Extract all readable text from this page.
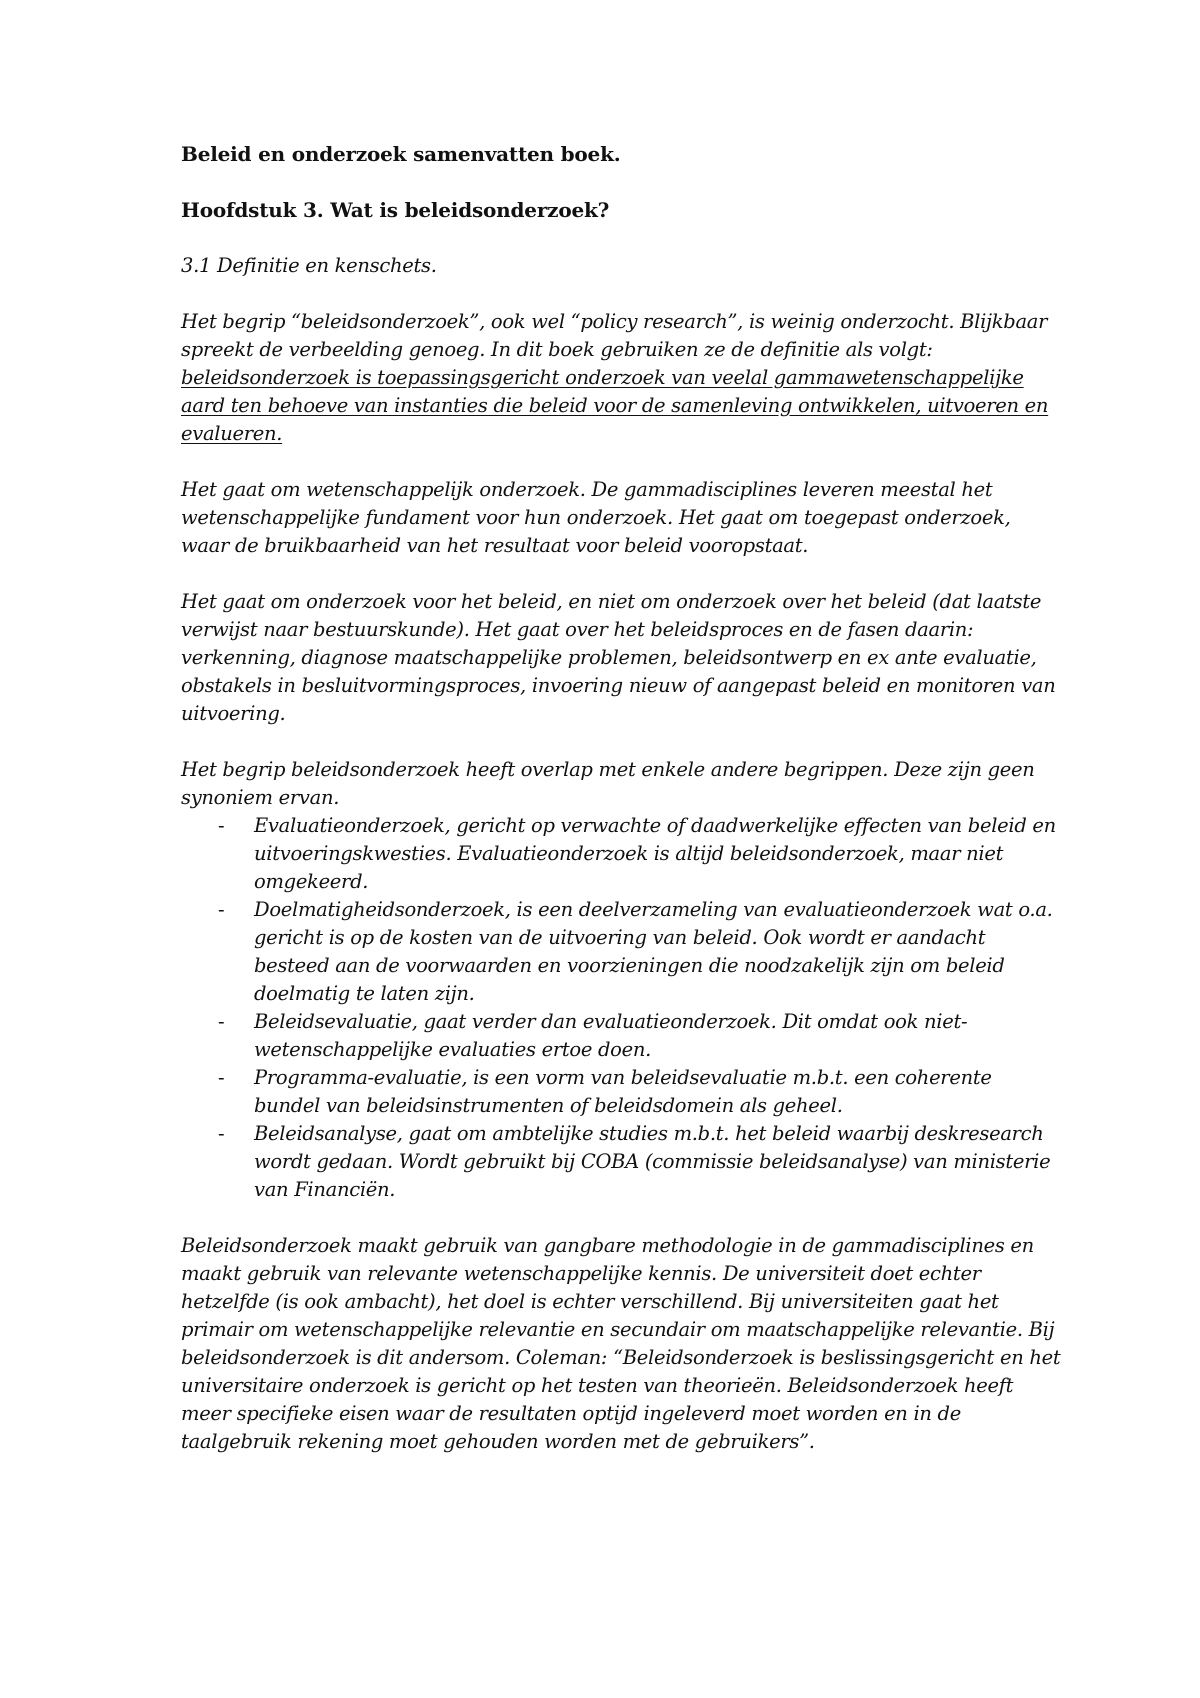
Beleid en onderzoek samenvatten boek.
Hoofdstuk 3. Wat is beleidsonderzoek?
3.1 Definitie en kenschets.

Het begrip “beleidsonderzoek”, ook wel “policy research”, is weinig onderzocht. Blijkbaar spreekt de verbeelding genoeg. In dit boek gebruiken ze de definitie als volgt: beleidsonderzoek is toepassingsgericht onderzoek van veelal gammawetenschappelijke aard ten behoeve van instanties die beleid voor de samenleving ontwikkelen, uitvoeren en evalueren.

Het gaat om wetenschappelijk onderzoek. De gammadisciplines leveren meestal het wetenschappelijke fundament voor hun onderzoek. Het gaat om toegepast onderzoek, waar de bruikbaarheid van het resultaat voor beleid vooropstaat.

Het gaat om onderzoek voor het beleid, en niet om onderzoek over het beleid (dat laatste verwijst naar bestuurskunde). Het gaat over het beleidsproces en de fasen daarin: verkenning, diagnose maatschappelijke problemen, beleidsontwerp en ex ante evaluatie, obstakels in besluitvormingsproces, invoering nieuw of aangepast beleid en monitoren van uitvoering.

Het begrip beleidsonderzoek heeft overlap met enkele andere begrippen. Deze zijn geen synoniem ervan.

- Evaluatieonderzoek, gericht op verwachte of daadwerkelijke effecten van beleid en uitvoeringskwesties. Evaluatieonderzoek is altijd beleidsonderzoek, maar niet omgekeerd.
- Doelmatigheidsonderzoek, is een deelverzameling van evaluatieonderzoek wat o.a. gericht is op de kosten van de uitvoering van beleid. Ook wordt er aandacht besteed aan de voorwaarden en voorzieningen die noodzakelijk zijn om beleid doelmatig te laten zijn.
- Beleidsevaluatie, gaat verder dan evaluatieonderzoek. Dit omdat ook niet-wetenschappelijke evaluaties ertoe doen.
- Programma-evaluatie, is een vorm van beleidsevaluatie m.b.t. een coherente bundel van beleidsinstrumenten of beleidsdomein als geheel.
- Beleidsanalyse, gaat om ambtelijke studies m.b.t. het beleid waarbij deskresearch wordt gedaan. Wordt gebruikt bij COBA (commissie beleidsanalyse) van ministerie van Financiën.

Beleidsonderzoek maakt gebruik van gangbare methodologie in de gammadisciplines en maakt gebruik van relevante wetenschappelijke kennis. De universiteit doet echter hetzelfde (is ook ambacht), het doel is echter verschillend. Bij universiteiten gaat het primair om wetenschappelijke relevantie en secundair om maatschappelijke relevantie. Bij beleidsonderzoek is dit andersom. Coleman: “Beleidsonderzoek is beslissingsgericht en het universitaire onderzoek is gericht op het testen van theorieën. Beleidsonderzoek heeft meer specifieke eisen waar de resultaten optijd ingeleverd moet worden en in de taalgebruik rekening moet gehouden worden met de gebruikers”.
